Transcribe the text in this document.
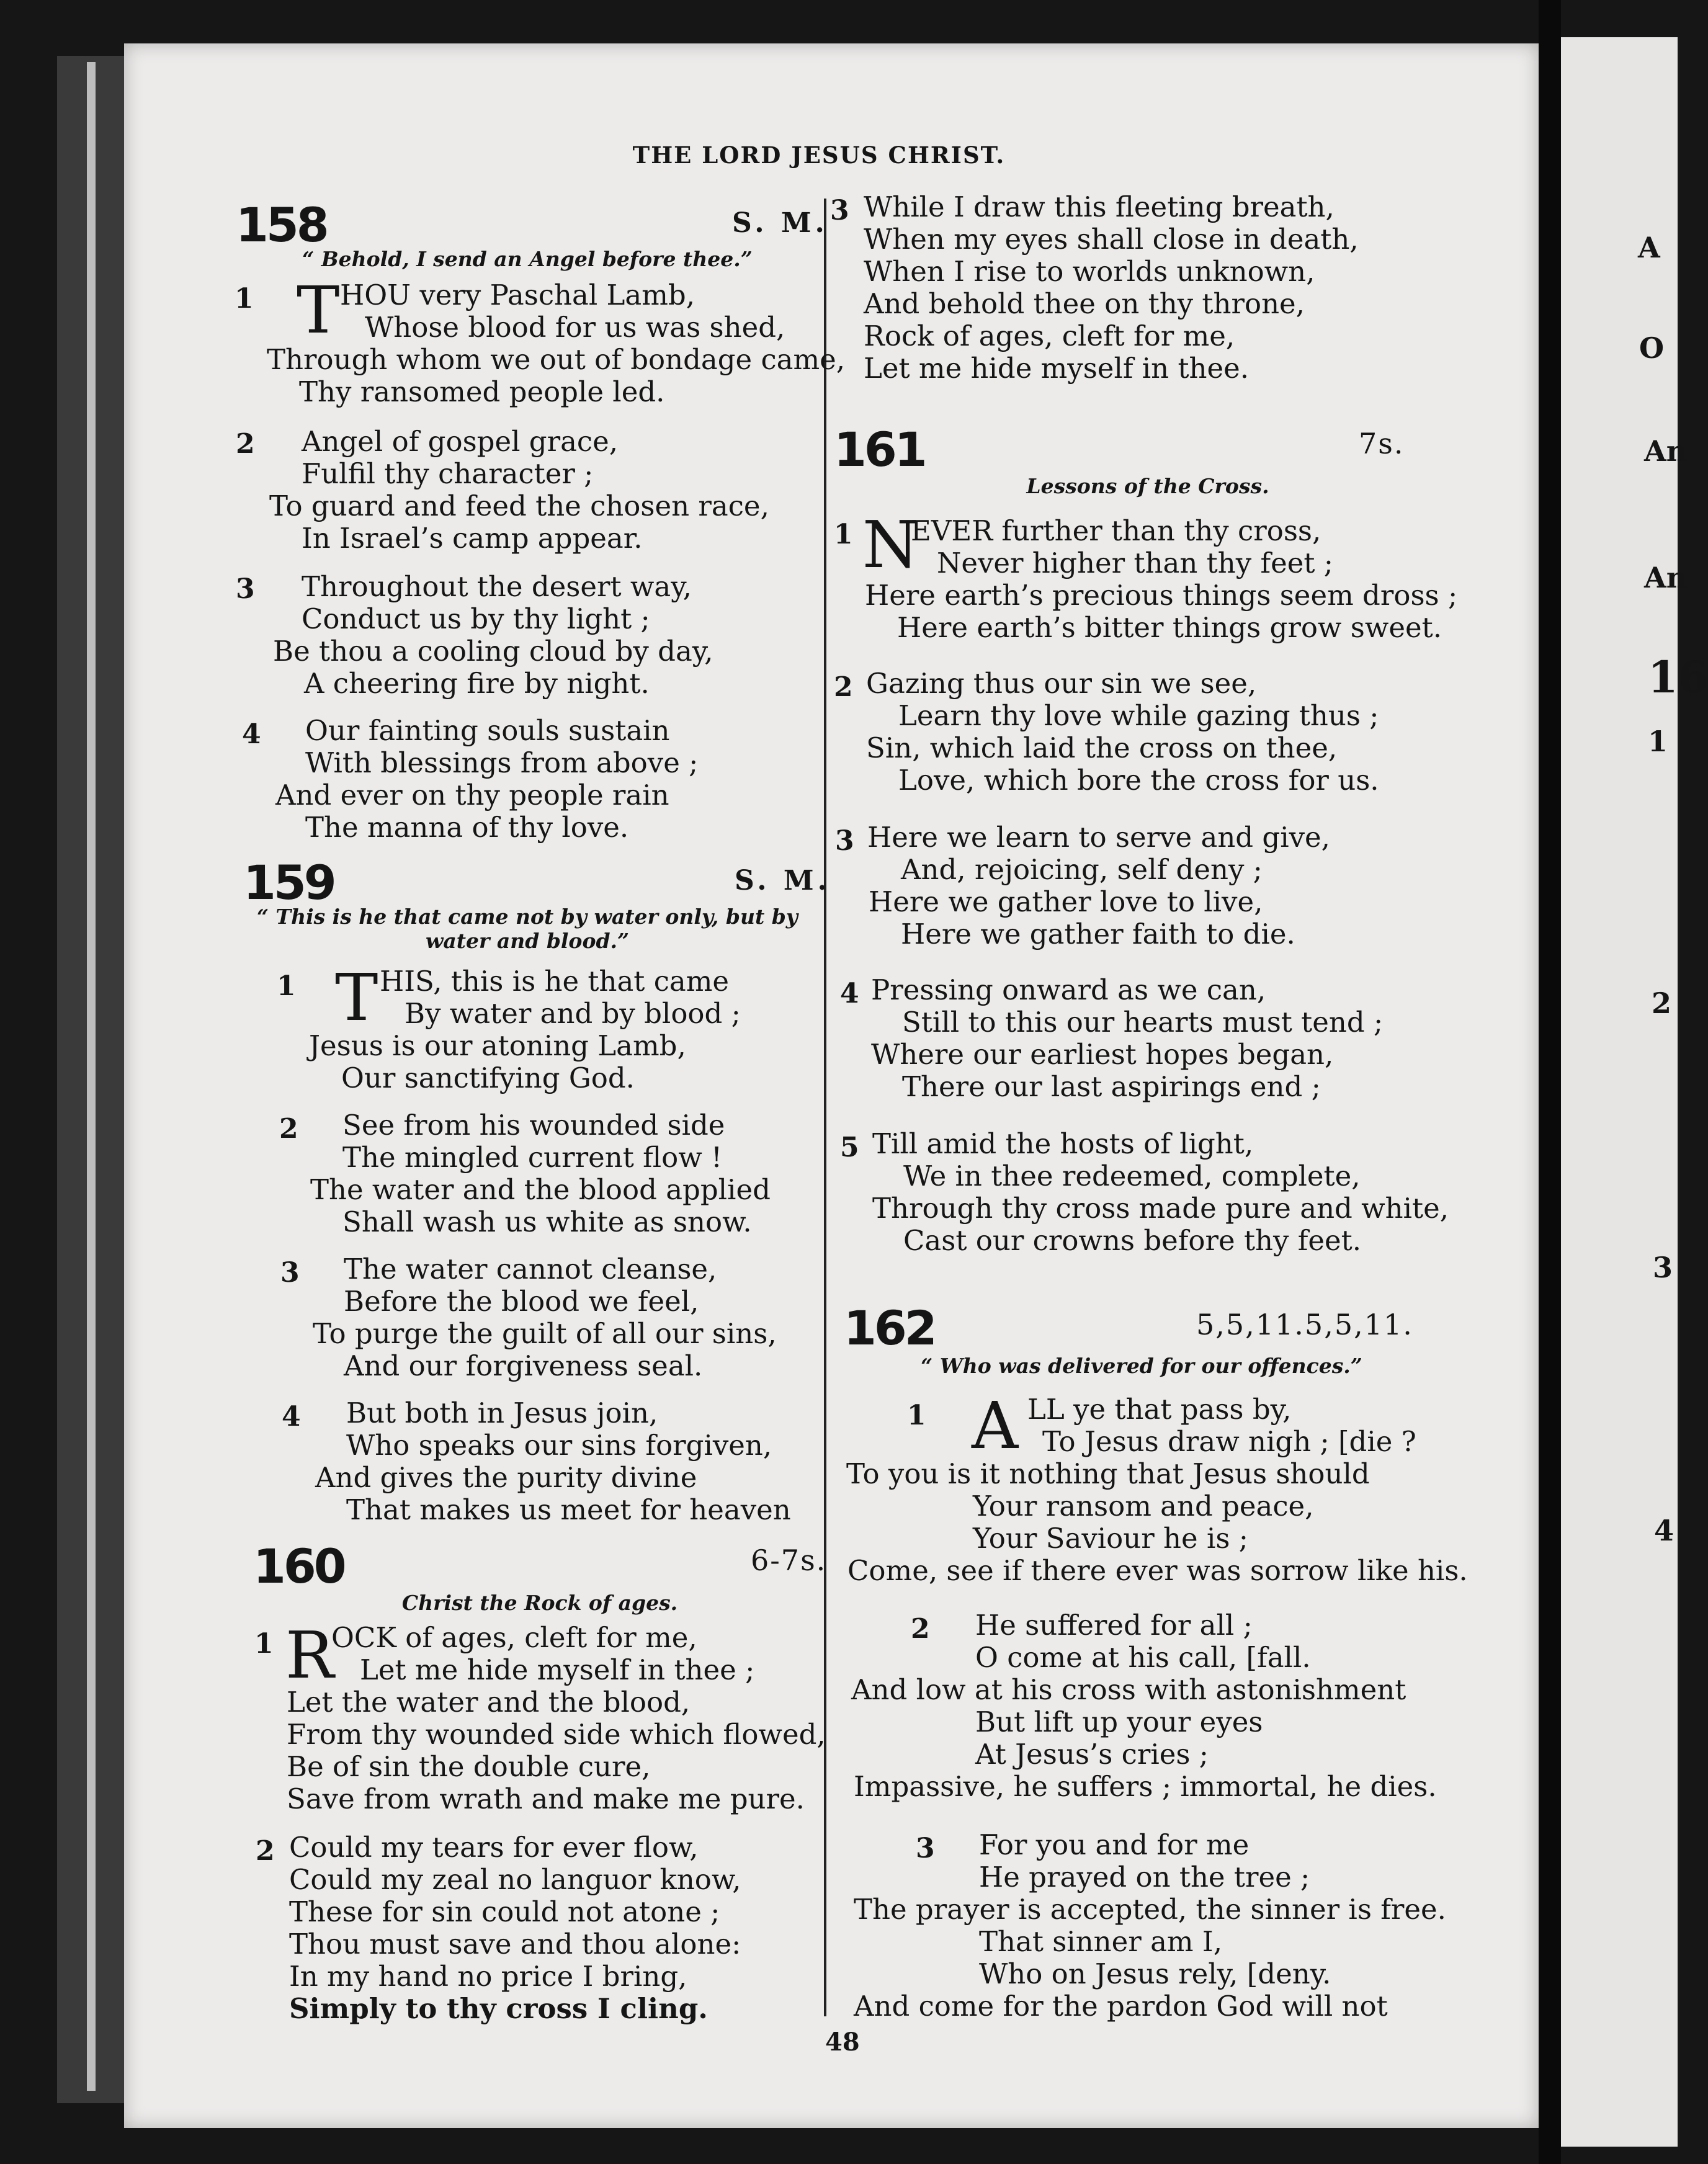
THE LORD JESUS CHRIST.
158	S. M.
“ Behold, I send an Angel before thee.”
1 T HOU very Paschal Lamb,
Whose blood for us was shed,
Through whom we out of bondage came,
Thy ransomed people led.
2 Angel of gospel grace,
Fulfil thy character ;
To guard and feed the chosen race,
In Israel’s camp appear.
3 Throughout the desert way,
Conduct us by thy light ;
Be thou a cooling cloud by day,
A cheering fire by night.
4 Our fainting souls sustain
With blessings from above ;
And ever on thy people rain
The manna of thy love.
159	S. M.
“ This is he that came not by water only, but by water and blood.”
1 T HIS, this is he that came
By water and by blood ;
Jesus is our atoning Lamb,
Our sanctifying God.
2 See from his wounded side
The mingled current flow !
The water and the blood applied
Shall wash us white as snow.
3 The water cannot cleanse,
Before the blood we feel,
To purge the guilt of all our sins,
And our forgiveness seal.
4 But both in Jesus join,
Who speaks our sins forgiven,
And gives the purity divine
That makes us meet for heaven
160	6-7s.
Christ the Rock of ages.
1 R
OCK of ages, cleft for me,
Let me hide myself in thee ;
Let the water and the blood,
From thy wounded side which flowed,
Be of sin the double cure,
Save from wrath and make me pure.
2 Could my tears for ever flow,
Could my zeal no languor know,
These for sin could not atone ;
Thou must save and thou alone:
In my hand no price I bring,
Simply to thy cross I cling.
3 While I draw this fleeting breath,
When my eyes shall close in death,
When I rise to worlds unknown,
And behold thee on thy throne,
Rock of ages, cleft for me,
Let me hide myself in thee.
161	7s.
Lessons of the Cross.
1 N
EVER further than thy cross,
Never higher than thy feet ;
Here earth’s precious things seem dross ;
Here earth’s bitter things grow sweet.
2 Gazing thus our sin we see,
Learn thy love while gazing thus ;
Sin, which laid the cross on thee,
Love, which bore the cross for us.
3 Here we learn to serve and give,
And, rejoicing, self deny ;
Here we gather love to live,
Here we gather faith to die.
4 Pressing onward as we can,
Still to this our hearts must tend ;
Where our earliest hopes began,
There our last aspirings end ;
5 Till amid the hosts of light,
We in thee redeemed, complete,
Through thy cross made pure and white,
Cast our crowns before thy feet.
162	5,5,11.5,5,11.
“ Who was delivered for our offences.”
1 A LL ye that pass by,
To Jesus draw nigh ; [die ?
To you is it nothing that Jesus should
Your ransom and peace,
Your Saviour he is ;
Come, see if there ever was sorrow like his.
2 He suffered for all ;
O come at his call, [fall.
And low at his cross with astonishment
But lift up your eyes
At Jesus’s cries ;
Impassive, he suffers ; immortal, he dies.
3 For you and for me
He prayed on the tree ;
The prayer is accepted, the sinner is free.
That sinner am I,
Who on Jesus rely, [deny.
And come for the pardon God will not
48
A
O
An
An
16
1
2
3
4
